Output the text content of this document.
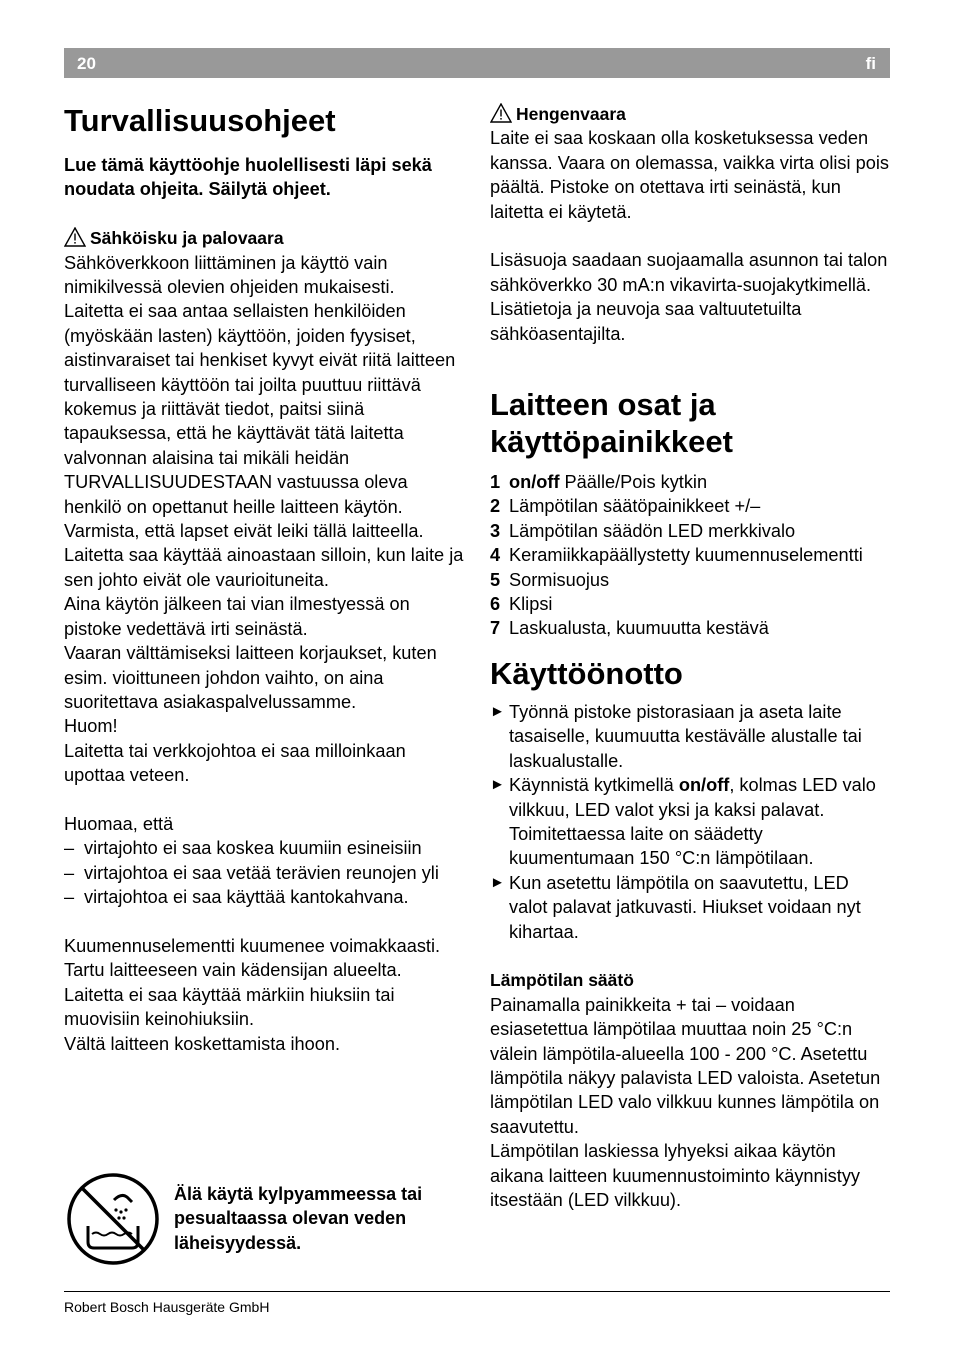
20	fi
Turvallisuusohjeet

Lue tämä käyttöohje huolellisesti läpi sekä noudata ohjeita. Säilytä ohjeet.

Sähköisku ja palovaara

Sähköverkkoon liittäminen ja käyttö vain nimikilvessä olevien ohjeiden mukaisesti.

Laitetta ei saa antaa sellaisten henkilöiden (myöskään lasten) käyttöön, joiden fyysiset, aistinvaraiset tai henkiset kyvyt eivät riitä laitteen turvalliseen käyttöön tai joilta puuttuu riittävä kokemus ja riittävät tiedot, paitsi siinä tapauksessa, että he käyttävät tätä laitetta valvonnan alaisina tai mikäli heidän TURVALLISUUDESTAAN vastuussa oleva henkilö on opettanut heille laitteen käytön.

Varmista, että lapset eivät leiki tällä laitteella.

Laitetta saa käyttää ainoastaan silloin, kun laite ja sen johto eivät ole vaurioituneita.

Aina käytön jälkeen tai vian ilmestyessä on pistoke vedettävä irti seinästä.

Vaaran välttämiseksi laitteen korjaukset, kuten esim. vioittuneen johdon vaihto, on aina suoritettava asiakaspalvelussamme.

Huom!

Laitetta tai verkkojohtoa ei saa milloinkaan upottaa veteen.

Huomaa, että

– virtajohto ei saa koskea kuumiin esineisiin
– virtajohtoa ei saa vetää terävien reunojen yli
– virtajohtoa ei saa käyttää kantokahvana.

Kuumennuselementti kuumenee voimakkaasti. Tartu laitteeseen vain kädensijan alueelta.

Laitetta ei saa käyttää märkiin hiuksiin tai muovisiin keinohiuksiin.

Vältä laitteen koskettamista ihoon.

Älä käytä kylpyammeessa tai pesualtaassa olevan veden läheisyydessä.

Hengenvaara

Laite ei saa koskaan olla kosketuksessa veden kanssa. Vaara on olemassa, vaikka virta olisi pois päältä. Pistoke on otettava irti seinästä, kun laitetta ei käytetä.

Lisäsuoja saadaan suojaamalla asunnon tai talon sähköverkko 30 mA:n vikavirta-suojakytkimellä. Lisätietoja ja neuvoja saa valtuutetuilta sähköasentajilta.

Laitteen osat ja käyttöpainikkeet
1 on/off Päälle/Pois kytkin
2 Lämpötilan säätöpainikkeet +/–
3 Lämpötilan säädön LED merkkivalo
4 Keramiikkapäällystetty kuumennuselementti
5 Sormisuojus
6 Klipsi
7 Laskualusta, kuumuutta kestävä
Käyttöönotto
► Työnnä pistoke pistorasiaan ja aseta laite tasaiselle, kuumuutta kestävälle alustalle tai laskualustalle.
► Käynnistä kytkimellä on/off, kolmas LED valo vilkkuu, LED valot yksi ja kaksi palavat. Toimitettaessa laite on säädetty kuumentumaan 150 °C:n lämpötilaan.
► Kun asetettu lämpötila on saavutettu, LED valot palavat jatkuvasti. Hiukset voidaan nyt kihartaa.

Lämpötilan säätö

Painamalla painikkeita + tai – voidaan esiasetettua lämpötilaa muuttaa noin 25 °C:n välein lämpötila-alueella 100 - 200 °C. Asetettu lämpötila näkyy palavista LED valoista. Asetetun lämpötilan LED valo vilkkuu kunnes lämpötila on saavutettu.

Lämpötilan laskiessa lyhyeksi aikaa käytön aikana laitteen kuumennustoiminto käynnistyy itsestään (LED vilkkuu).

Robert Bosch Hausgeräte GmbH
